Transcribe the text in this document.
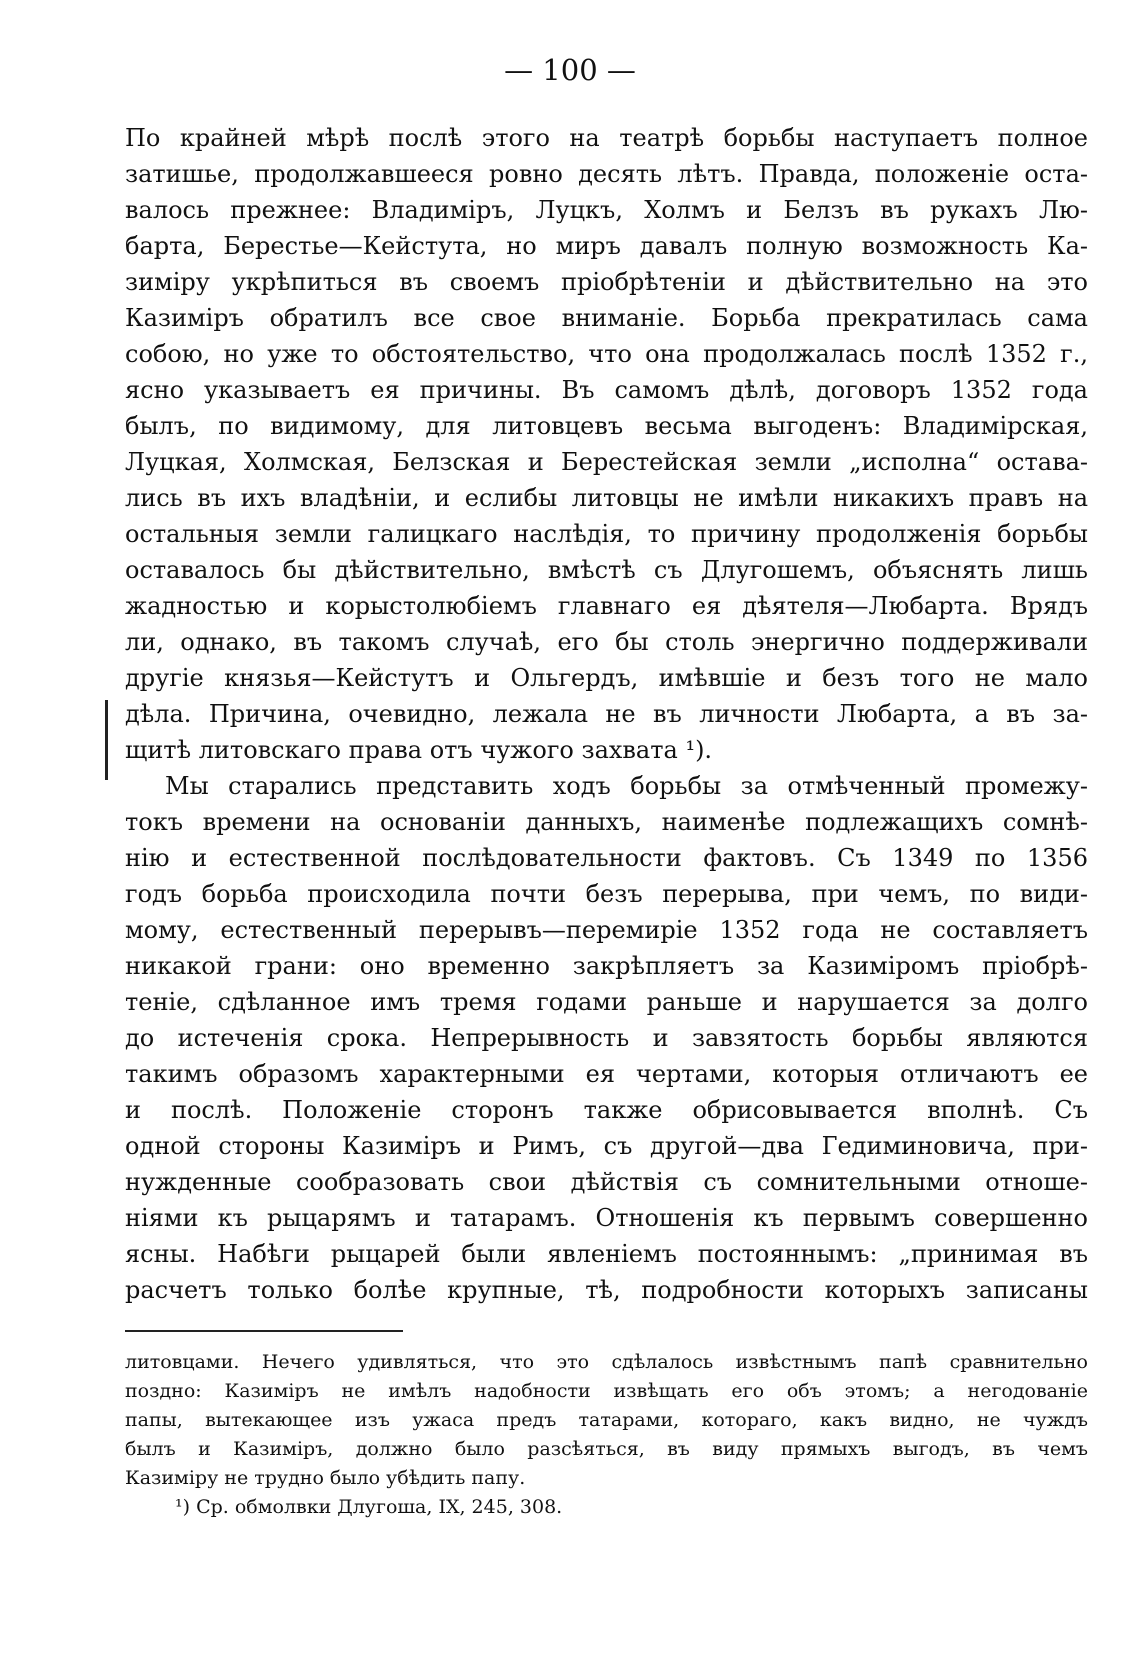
— 100 —
По крайней мѣрѣ послѣ этого на театрѣ борьбы наступаетъ полное
затишье, продолжавшееся ровно десять лѣтъ. Правда, положеніе оста-
валось прежнее: Владиміръ, Луцкъ, Холмъ и Белзъ въ рукахъ Лю-
барта, Берестье—Кейстута, но миръ давалъ полную возможность Ка-
зиміру укрѣпиться въ своемъ пріобрѣтеніи и дѣйствительно на это
Казиміръ обратилъ все свое вниманіе. Борьба прекратилась сама
собою, но уже то обстоятельство, что она продолжалась послѣ 1352 г.,
ясно указываетъ ея причины. Въ самомъ дѣлѣ, договоръ 1352 года
былъ, по видимому, для литовцевъ весьма выгоденъ: Владимірская,
Луцкая, Холмская, Белзская и Берестейская земли „исполна“ остава-
лись въ ихъ владѣніи, и еслибы литовцы не имѣли никакихъ правъ на
остальныя земли галицкаго наслѣдія, то причину продолженія борьбы
оставалось бы дѣйствительно, вмѣстѣ съ Длугошемъ, объяснять лишь
жадностью и корыстолюбіемъ главнаго ея дѣятеля—Любарта. Врядъ
ли, однако, въ такомъ случаѣ, его бы столь энергично поддерживали
другіе князья—Кейстутъ и Ольгердъ, имѣвшіе и безъ того не мало
дѣла. Причина, очевидно, лежала не въ личности Любарта, а въ за-
щитѣ литовскаго права отъ чужого захвата ¹).
Мы старались представить ходъ борьбы за отмѣченный промежу-
токъ времени на основаніи данныхъ, наименѣе подлежащихъ сомнѣ-
нію и естественной послѣдовательности фактовъ. Съ 1349 по 1356
годъ борьба происходила почти безъ перерыва, при чемъ, по види-
мому, естественный перерывъ—перемиріе 1352 года не составляетъ
никакой грани: оно временно закрѣпляетъ за Казиміромъ пріобрѣ-
теніе, сдѣланное имъ тремя годами раньше и нарушается за долго
до истеченія срока. Непрерывность и завзятость борьбы являются
такимъ образомъ характерными ея чертами, которыя отличаютъ ее
и послѣ. Положеніе сторонъ также обрисовывается вполнѣ. Съ
одной стороны Казиміръ и Римъ, съ другой—два Гедиминовича, при-
нужденные сообразовать свои дѣйствія съ сомнительными отноше-
ніями къ рыцарямъ и татарамъ. Отношенія къ первымъ совершенно
ясны. Набѣги рыцарей были явленіемъ постояннымъ: „принимая въ
расчетъ только болѣе крупные, тѣ, подробности которыхъ записаны
литовцами. Нечего удивляться, что это сдѣлалось извѣстнымъ папѣ сравнительно
поздно: Казиміръ не имѣлъ надобности извѣщать его объ этомъ; а негодованіе
папы, вытекающее изъ ужаса предъ татарами, котораго, какъ видно, не чуждъ
былъ и Казиміръ, должно было разсѣяться, въ виду прямыхъ выгодъ, въ чемъ
Казиміру не трудно было убѣдить папу.
¹) Ср. обмолвки Длугоша, IX, 245, 308.
